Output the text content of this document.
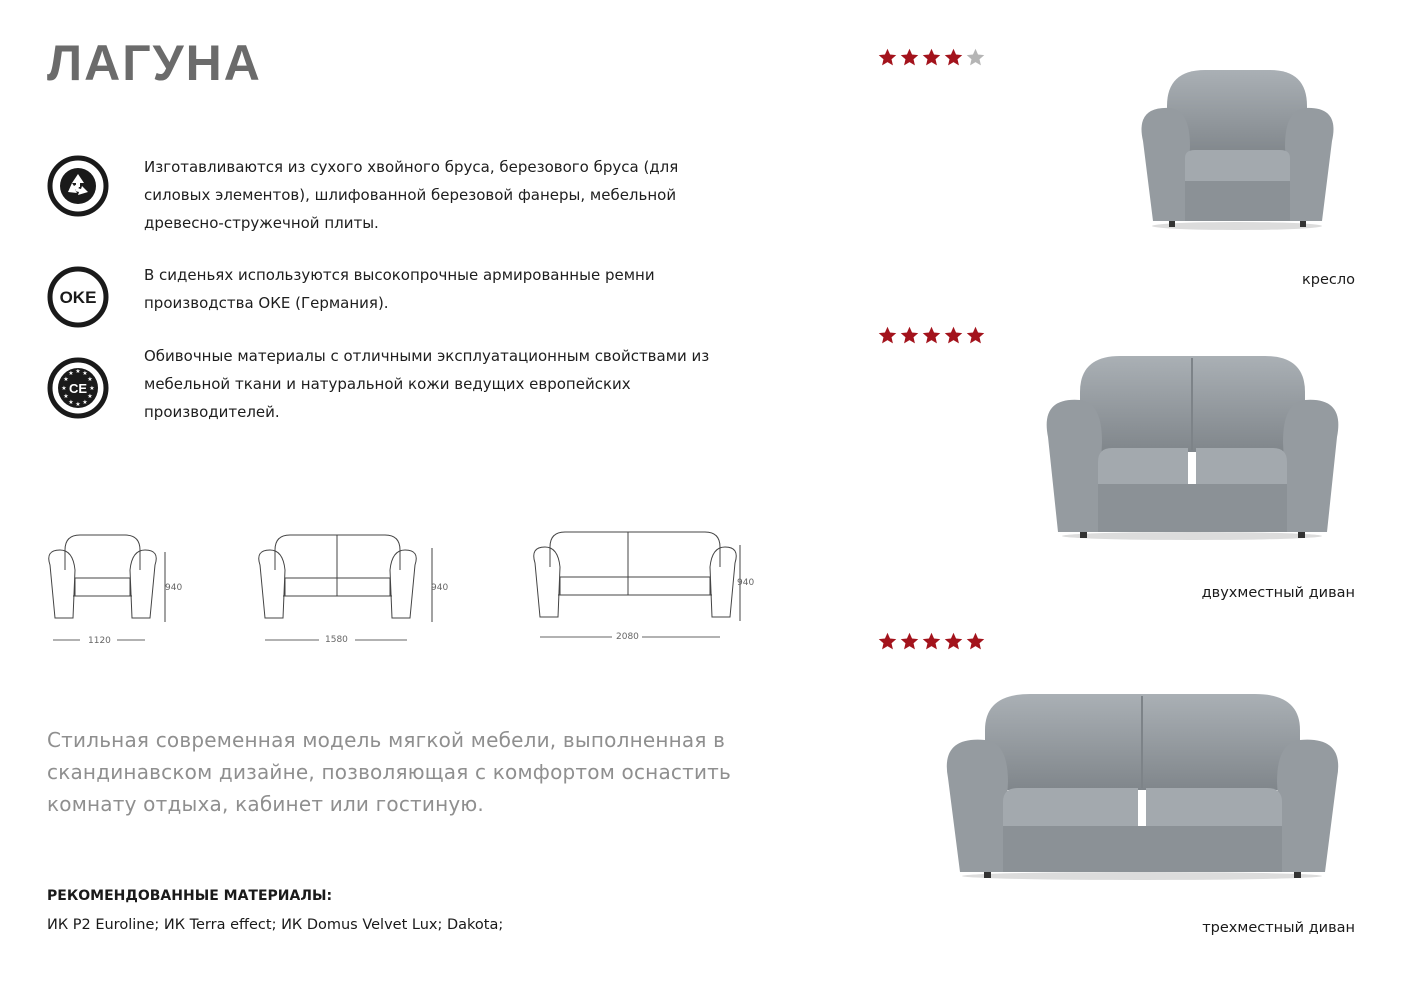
ЛАГУНА
Изготавливаются из сухого хвойного бруса, березового бруса (для силовых элементов), шлифованной березовой фанеры, мебельной древесно-стружечной плиты.
OKE
В сиденьях используются высокопрочные армированные ремни производства ОКЕ (Германия).
★ ★
★
★
★
★
★
★
★
★
★
★
CE
Обивочные материалы с отличными эксплуатационным свойствами из мебельной ткани и натуральной кожи ведущих европейских производителей.
940
1120
940
1580
940
2080
Стильная современная модель мягкой мебели, выполненная в скандинавском дизайне, позволяющая с комфортом оснастить комнату отдыха, кабинет или гостиную.
РЕКОМЕНДОВАННЫЕ МАТЕРИАЛЫ:
ИК P2 Euroline; ИК Terra effect; ИК Domus Velvet Lux; Dakota;
кресло
двухместный диван
трехместный диван
